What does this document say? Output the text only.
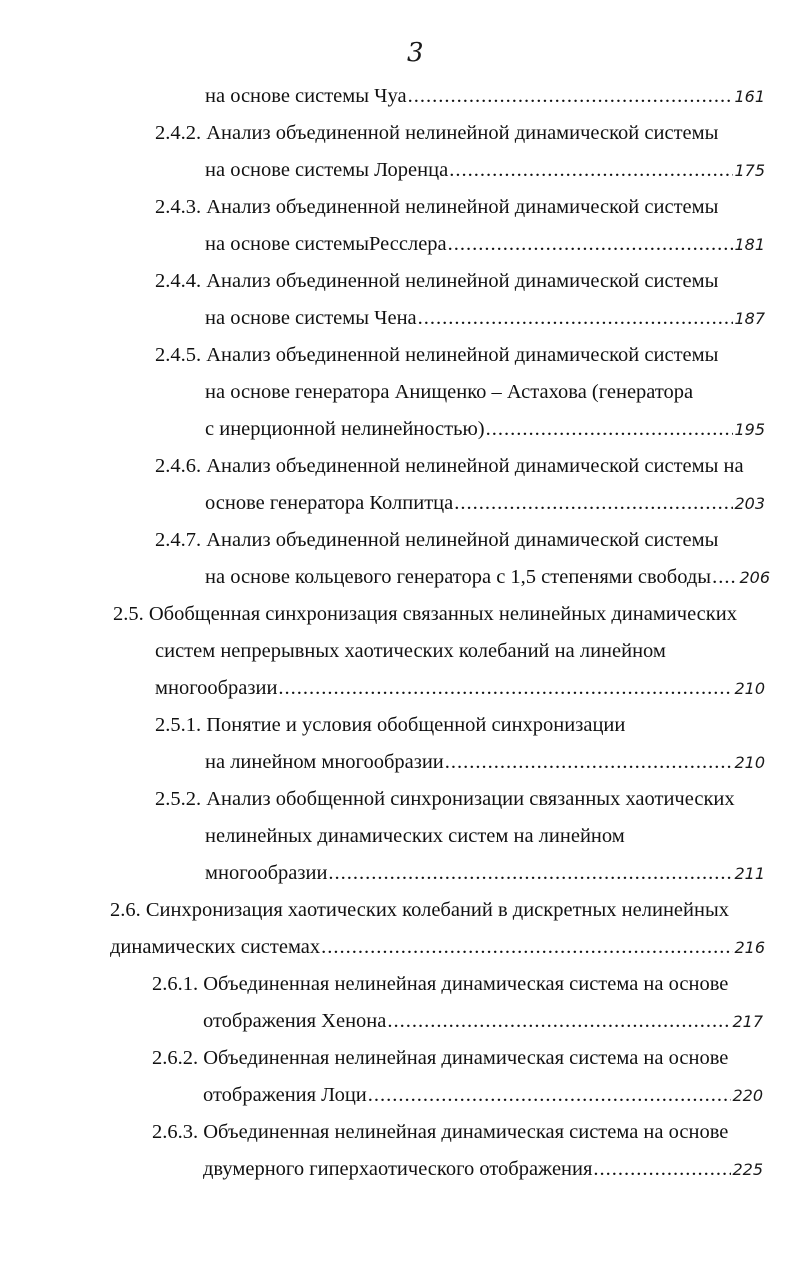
3
на основе системы Чуа .....	161
2.4.2. Анализ объединенной нелинейной динамической системы
на основе системы Лоренца .....	175
2.4.3. Анализ объединенной нелинейной динамической системы
на основе системыРесслера .....	181
2.4.4. Анализ объединенной нелинейной динамической системы
на основе системы Чена .....	187
2.4.5. Анализ объединенной нелинейной динамической системы
на основе генератора Анищенко – Астахова (генератора
с инерционной нелинейностью) .....	195
2.4.6. Анализ объединенной нелинейной динамической системы на
основе генератора Колпитца .....	203
2.4.7. Анализ объединенной нелинейной динамической системы
на основе кольцевого генератора с 1,5 степенями свободы ..... 206
2.5. Обобщенная синхронизация связанных нелинейных динамических
систем непрерывных хаотических колебаний на линейном
многообразии .....	210
2.5.1. Понятие и условия обобщенной синхронизации
на линейном многообразии .....	210
2.5.2. Анализ обобщенной синхронизации связанных хаотических
нелинейных динамических систем на линейном
многообразии .....	211
2.6. Синхронизация хаотических колебаний в дискретных нелинейных
динамических системах .....	216
2.6.1. Объединенная нелинейная динамическая система на основе
отображения Хенона .....	217
2.6.2. Объединенная нелинейная динамическая система на основе
отображения Лоци .....	220
2.6.3. Объединенная нелинейная динамическая система на основе
двумерного гиперхаотического отображения .....	225
